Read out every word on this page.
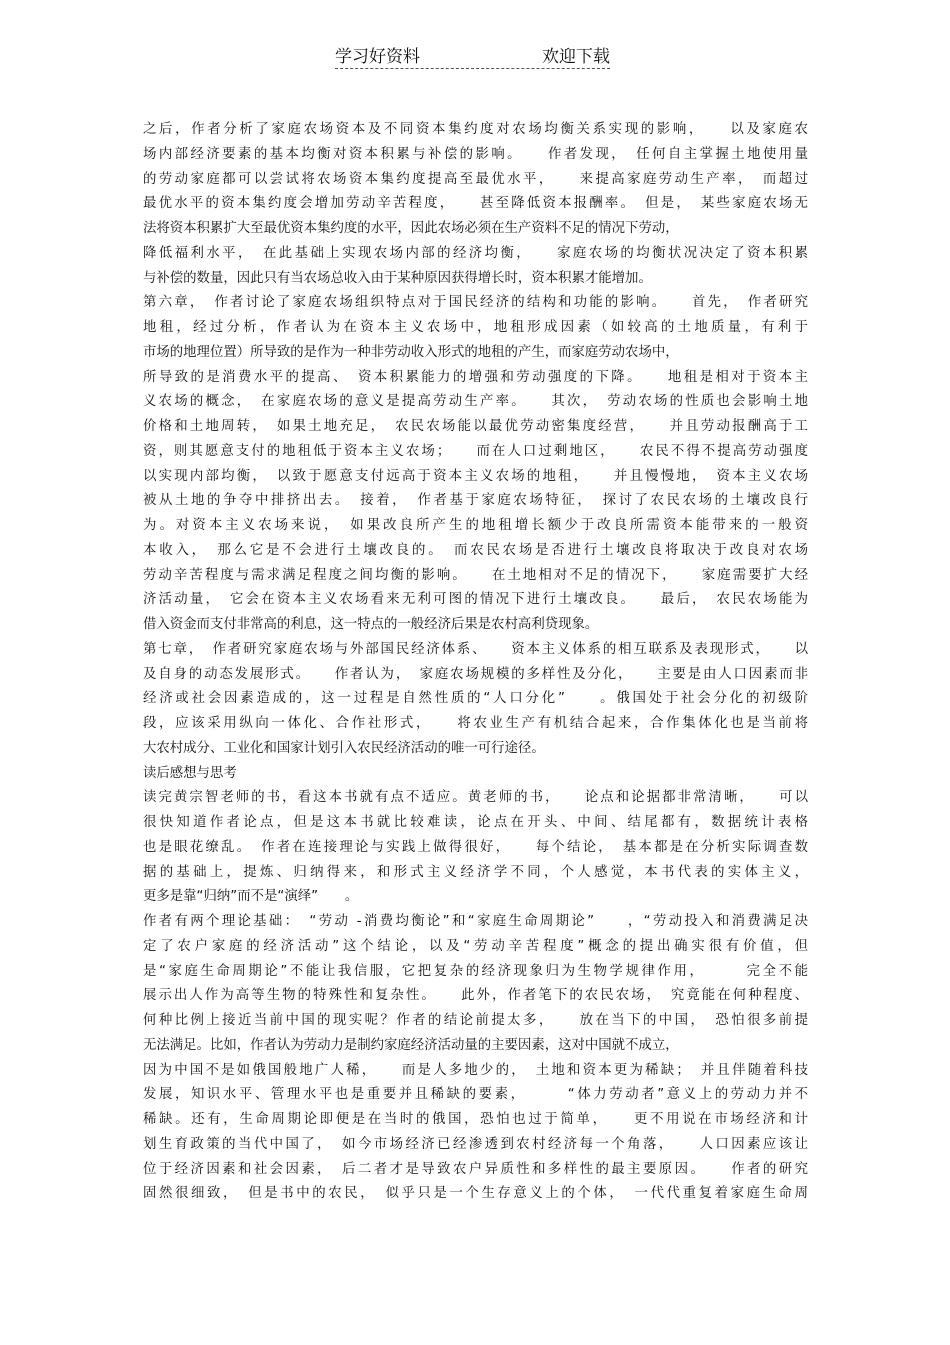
学习好资料	欢迎下载
之后，作者分析了家庭农场资本及不同资本集约度对农场均衡关系实现的影响，　　以及家庭农
场内部经济要素的基本均衡对资本积累与补偿的影响。　　作者发现，　任何自主掌握土地使用量
的劳动家庭都可以尝试将农场资本集约度提高至最优水平，　　来提高家庭劳动生产率，　而超过
最优水平的资本集约度会增加劳动辛苦程度，　　甚至降低资本报酬率。　但是，　某些家庭农场无
法将资本积累扩大至最优资本集约度的水平，因此农场必须在生产资料不足的情况下劳动，
降低福利水平，　在此基础上实现农场内部的经济均衡，　　家庭农场的均衡状况决定了资本积累
与补偿的数量，因此只有当农场总收入由于某种原因获得增长时，资本积累才能增加。
第六章，　作者讨论了家庭农场组织特点对于国民经济的结构和功能的影响。　　首先，　作者研究
地租，经过分析，作者认为在资本主义农场中，地租形成因素（如较高的土地质量，有利于
市场的地理位置）所导致的是作为一种非劳动收入形式的地租的产生，而家庭劳动农场中，
所导致的是消费水平的提高、　资本积累能力的增强和劳动强度的下降。　　地租是相对于资本主
义农场的概念，　在家庭农场的意义是提高劳动生产率。　　其次，　劳动农场的性质也会影响土地
价格和土地周转，　如果土地充足，　农民农场能以最优劳动密集度经营，　　并且劳动报酬高于工
资，则其愿意支付的地租低于资本主义农场；　　而在人口过剩地区，　　农民不得不提高劳动强度
以实现内部均衡，　以致于愿意支付远高于资本主义农场的地租，　　并且慢慢地，　资本主义农场
被从土地的争夺中排挤出去。　接着，　作者基于家庭农场特征，　探讨了农民农场的土壤改良行
为。对资本主义农场来说，　如果改良所产生的地租增长额少于改良所需资本能带来的一般资
本收入，　那么它是不会进行土壤改良的。　而农民农场是否进行土壤改良将取决于改良对农场
劳动辛苦程度与需求满足程度之间均衡的影响。　　在土地相对不足的情况下，　　家庭需要扩大经
济活动量，　它会在资本主义农场看来无利可图的情况下进行土壤改良。　　最后，　农民农场能为
借入资金而支付非常高的利息，这一特点的一般经济后果是农村高利贷现象。
第七章，　作者研究家庭农场与外部国民经济体系、　　资本主义体系的相互联系及表现形式，　　以
及自身的动态发展形式。　　作者认为，　家庭农场规模的多样性及分化，　　主要是由人口因素而非
经济或社会因素造成的，这一过程是自然性质的“人口分化”　　。俄国处于社会分化的初级阶
段，应该采用纵向一体化、合作社形式，　　将农业生产有机结合起来，合作集体化也是当前将
大农村成分、工业化和国家计划引入农民经济活动的唯一可行途径。
读后感想与思考
读完黄宗智老师的书，看这本书就有点不适应。黄老师的书，　　论点和论据都非常清晰，　　可以
很快知道作者论点，但是这本书就比较难读，论点在开头、中间、结尾都有，数据统计表格
也是眼花缭乱。　作者在连接理论与实践上做得很好，　　每个结论，　基本都是在分析实际调查数
据的基础上，提炼、归纳得来，和形式主义经济学不同，个人感觉，本书代表的实体主义，
更多是靠“归纳”而不是“演绎”　　。
作者有两个理论基础：　“劳动 -消费均衡论”和“家庭生命周期论”　　，“劳动投入和消费满足决
定了农户家庭的经济活动”这个结论，以及“劳动辛苦程度”概念的提出确实很有价值，但
是“家庭生命周期论”不能让我信服，它把复杂的经济现象归为生物学规律作用，　　　完全不能
展示出人作为高等生物的特殊性和复杂性。　　此外，作者笔下的农民农场，　究竟能在何种程度、
何种比例上接近当前中国的现实呢？作者的结论前提太多，　　放在当下的中国，　恐怕很多前提
无法满足。比如，作者认为劳动力是制约家庭经济活动量的主要因素，这对中国就不成立，
因为中国不是如俄国般地广人稀，　　而是人多地少的，　土地和资本更为稀缺；　并且伴随着科技
发展，知识水平、管理水平也是重要并且稀缺的要素，　　　“体力劳动者”意义上的劳动力并不
稀缺。还有，生命周期论即便是在当时的俄国，恐怕也过于简单，　　更不用说在市场经济和计
划生育政策的当代中国了，　如今市场经济已经渗透到农村经济每一个角落，　　人口因素应该让
位于经济因素和社会因素，　后二者才是导致农户异质性和多样性的最主要原因。　　作者的研究
固然很细致，　但是书中的农民，　似乎只是一个生存意义上的个体，　一代代重复着家庭生命周
